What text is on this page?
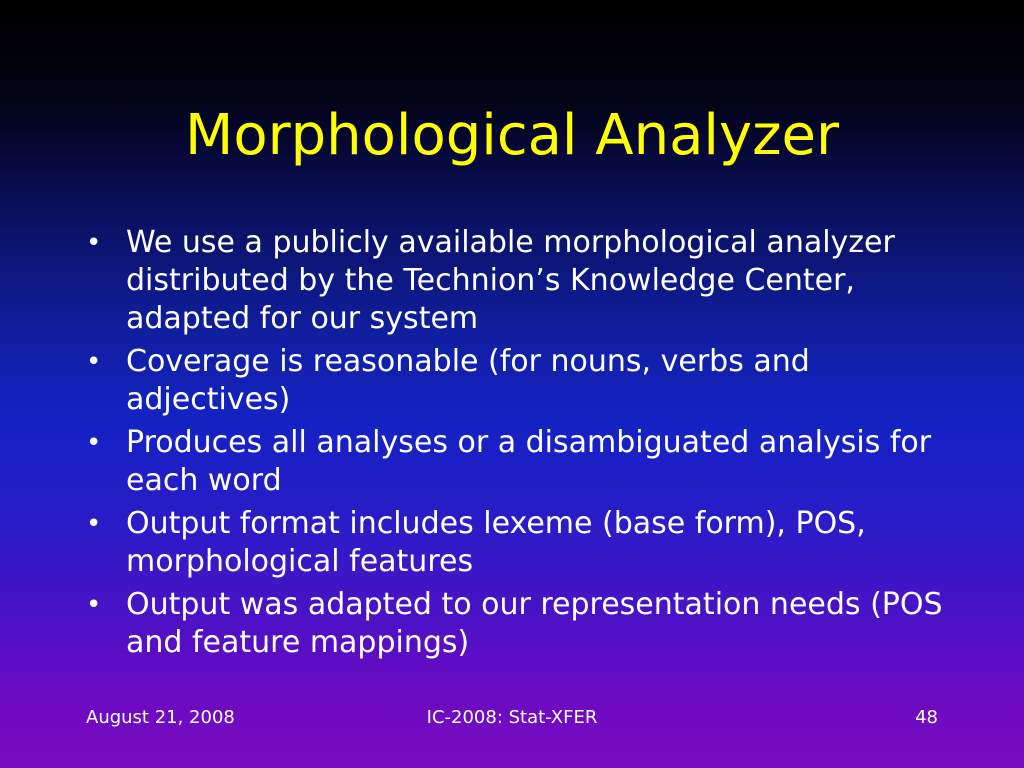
Morphological Analyzer
• We use a publicly available morphological analyzer distributed by the Technion’s Knowledge Center, adapted for our system
• Coverage is reasonable (for nouns, verbs and adjectives)
• Produces all analyses or a disambiguated analysis for each word
• Output format includes lexeme (base form), POS, morphological features
• Output was adapted to our representation needs (POS and feature mappings)
August 21, 2008	IC-2008: Stat-XFER	48
